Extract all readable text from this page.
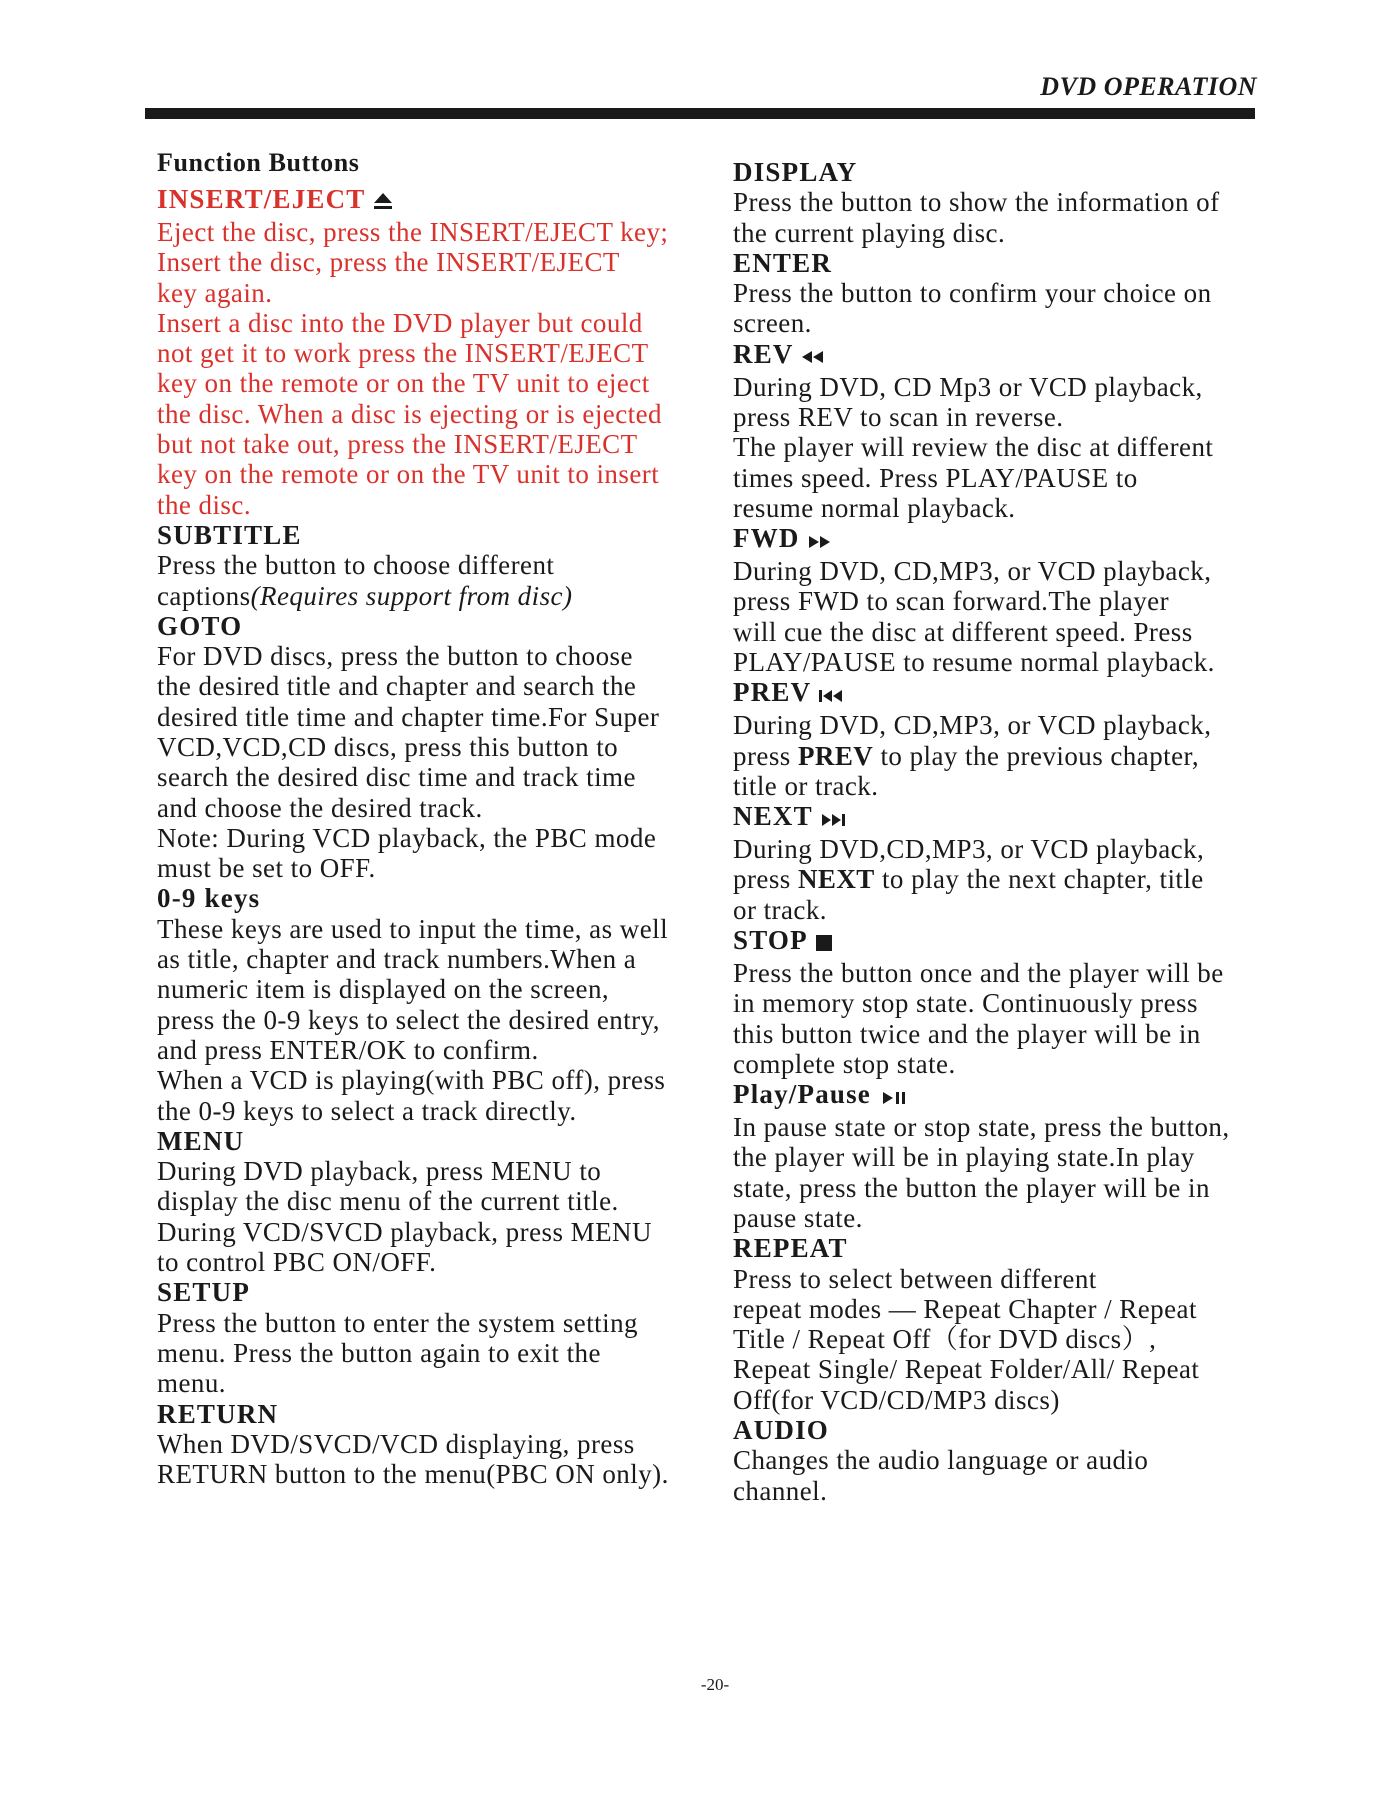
DVD OPERATION
Function Buttons
INSERT/EJECT
Eject the disc, press the INSERT/EJECT key;
Insert the disc, press the INSERT/EJECT
key again.
Insert a disc into the DVD player but could
not get it to work press the INSERT/EJECT
key on the remote or on the TV unit to eject
the disc. When a disc is ejecting or is ejected
but not take out, press the INSERT/EJECT
key on the remote or on the TV unit to insert
the disc.
SUBTITLE
Press the button to choose different
captions(Requires support from disc)
GOTO
For DVD discs, press the button to choose
the desired title and chapter and search the
desired title time and chapter time.For Super
VCD,VCD,CD discs, press this button to
search the desired disc time and track time
and choose the desired track.
Note: During VCD playback, the PBC mode
must be set to OFF.
0-9 keys
These keys are used to input the time, as well
as title, chapter and track numbers.When a
numeric item is displayed on the screen,
press the 0-9 keys to select the desired entry,
and press ENTER/OK to confirm.
When a VCD is playing(with PBC off), press
the 0-9 keys to select a track directly.
MENU
During DVD playback, press MENU to
display the disc menu of the current title.
During VCD/SVCD playback, press MENU
to control PBC ON/OFF.
SETUP
Press the button to enter the system setting
menu. Press the button again to exit the
menu.
RETURN
When DVD/SVCD/VCD displaying, press
RETURN button to the menu(PBC ON only).
DISPLAY
Press the button to show the information of
the current playing disc.
ENTER
Press the button to confirm your choice on
screen.
REV
During DVD, CD Mp3 or VCD playback,
press REV to scan in reverse.
The player will review the disc at different
times speed. Press PLAY/PAUSE to
resume normal playback.
FWD
During DVD, CD,MP3, or VCD playback,
press FWD to scan forward.The player
will cue the disc at different speed. Press
PLAY/PAUSE to resume normal playback.
PREV
During DVD, CD,MP3, or VCD playback,
press PREV to play the previous chapter,
title or track.
NEXT
During DVD,CD,MP3, or VCD playback,
press NEXT to play the next chapter, title
or track.
STOP
Press the button once and the player will be
in memory stop state. Continuously press
this button twice and the player will be in
complete stop state.
Play/Pause
In pause state or stop state, press the button,
the player will be in playing state.In play
state, press the button the player will be in
pause state.
REPEAT
Press to select between different
repeat modes — Repeat Chapter / Repeat
Title / Repeat Off（for DVD discs）,
Repeat Single/ Repeat Folder/All/ Repeat
Off(for VCD/CD/MP3 discs)
AUDIO
Changes the audio language or audio
channel.
-20-
